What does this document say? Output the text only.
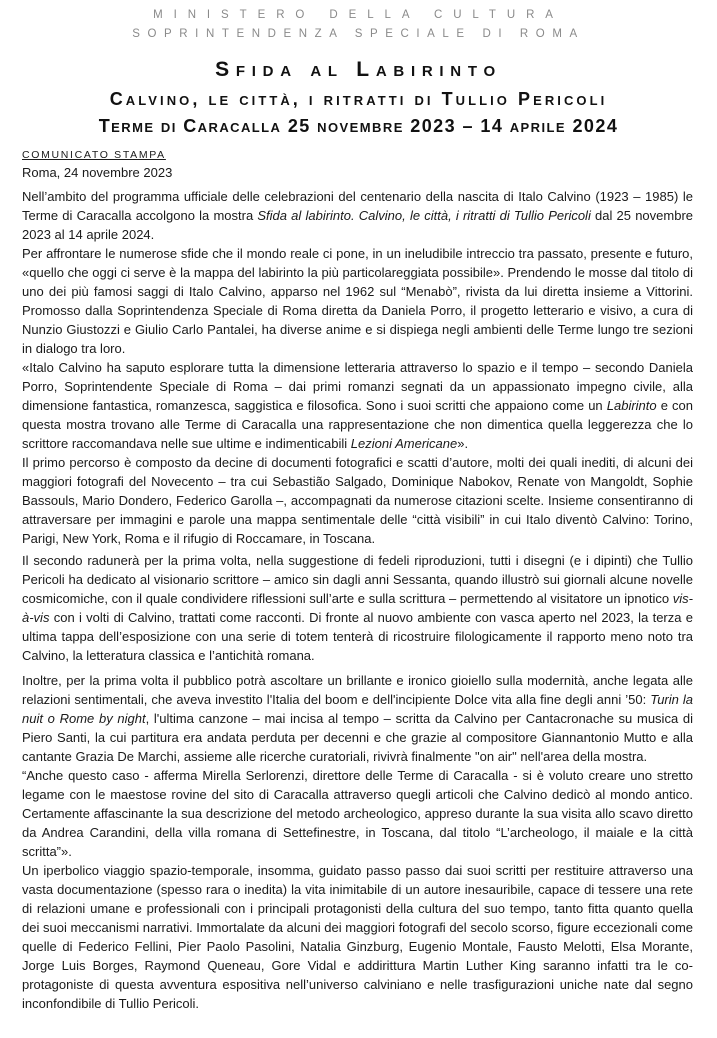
MINISTERO DELLA CULTURA
SOPRINTENDENZA SPECIALE DI ROMA
Sfida al Labirinto
Calvino, le città, i ritratti di Tullio Pericoli
Terme di Caracalla 25 novembre 2023 – 14 aprile 2024
COMUNICATO STAMPA
Roma, 24 novembre 2023

Nell’ambito del programma ufficiale delle celebrazioni del centenario della nascita di Italo Calvino (1923 – 1985) le Terme di Caracalla accolgono la mostra Sfida al labirinto. Calvino, le città, i ritratti di Tullio Pericoli dal 25 novembre 2023 al 14 aprile 2024.

Per affrontare le numerose sfide che il mondo reale ci pone, in un ineludibile intreccio tra passato, presente e futuro, «quello che oggi ci serve è la mappa del labirinto la più particolareggiata possibile». Prendendo le mosse dal titolo di uno dei più famosi saggi di Italo Calvino, apparso nel 1962 sul “Menabò”, rivista da lui diretta insieme a Vittorini. Promosso dalla Soprintendenza Speciale di Roma diretta da Daniela Porro, il progetto letterario e visivo, a cura di Nunzio Giustozzi e Giulio Carlo Pantalei, ha diverse anime e si dispiega negli ambienti delle Terme lungo tre sezioni in dialogo tra loro.

«Italo Calvino ha saputo esplorare tutta la dimensione letteraria attraverso lo spazio e il tempo – secondo Daniela Porro, Soprintendente Speciale di Roma – dai primi romanzi segnati da un appassionato impegno civile, alla dimensione fantastica, romanzesca, saggistica e filosofica. Sono i suoi scritti che appaiono come un Labirinto e con questa mostra trovano alle Terme di Caracalla una rappresentazione che non dimentica quella leggerezza che lo scrittore raccomandava nelle sue ultime e indimenticabili Lezioni Americane».

Il primo percorso è composto da decine di documenti fotografici e scatti d’autore, molti dei quali inediti, di alcuni dei maggiori fotografi del Novecento – tra cui Sebastião Salgado, Dominique Nabokov, Renate von Mangoldt, Sophie Bassouls, Mario Dondero, Federico Garolla –, accompagnati da numerose citazioni scelte. Insieme consentiranno di attraversare per immagini e parole una mappa sentimentale delle “città visibili” in cui Italo diventò Calvino: Torino, Parigi, New York, Roma e il rifugio di Roccamare, in Toscana.

Il secondo radunerà per la prima volta, nella suggestione di fedeli riproduzioni, tutti i disegni (e i dipinti) che Tullio Pericoli ha dedicato al visionario scrittore – amico sin dagli anni Sessanta, quando illustrò sui giornali alcune novelle cosmicomiche, con il quale condividere riflessioni sull’arte e sulla scrittura – permettendo al visitatore un ipnotico vis-à-vis con i volti di Calvino, trattati come racconti. Di fronte al nuovo ambiente con vasca aperto nel 2023, la terza e ultima tappa dell’esposizione con una serie di totem tenterà di ricostruire filologicamente il rapporto meno noto tra Calvino, la letteratura classica e l’antichità romana.

Inoltre, per la prima volta il pubblico potrà ascoltare un brillante e ironico gioiello sulla modernità, anche legata alle relazioni sentimentali, che aveva investito l'Italia del boom e dell'incipiente Dolce vita alla fine degli anni ’50: Turin la nuit o Rome by night, l'ultima canzone – mai incisa al tempo – scritta da Calvino per Cantacronache su musica di Piero Santi, la cui partitura era andata perduta per decenni e che grazie al compositore Giannantonio Mutto e alla cantante Grazia De Marchi, assieme alle ricerche curatoriali, rivivrà finalmente "on air" nell'area della mostra.

“Anche questo caso - afferma Mirella Serlorenzi, direttore delle Terme di Caracalla - si è voluto creare uno stretto legame con le maestose rovine del sito di Caracalla attraverso quegli articoli che Calvino dedicò al mondo antico. Certamente affascinante la sua descrizione del metodo archeologico, appreso durante la sua visita allo scavo diretto da Andrea Carandini, della villa romana di Settefinestre, in Toscana, dal titolo “L’archeologo, il maiale e la città scritta”».

Un iperbolico viaggio spazio-temporale, insomma, guidato passo passo dai suoi scritti per restituire attraverso una vasta documentazione (spesso rara o inedita) la vita inimitabile di un autore inesauribile, capace di tessere una rete di relazioni umane e professionali con i principali protagonisti della cultura del suo tempo, tanto fitta quanto quella dei suoi meccanismi narrativi. Immortalate da alcuni dei maggiori fotografi del secolo scorso, figure eccezionali come quelle di Federico Fellini, Pier Paolo Pasolini, Natalia Ginzburg, Eugenio Montale, Fausto Melotti, Elsa Morante, Jorge Luis Borges, Raymond Queneau, Gore Vidal e addirittura Martin Luther King saranno infatti tra le co-protagoniste di questa avventura espositiva nell’universo calviniano e nelle trasfigurazioni uniche nate dal segno inconfondibile di Tullio Pericoli.
